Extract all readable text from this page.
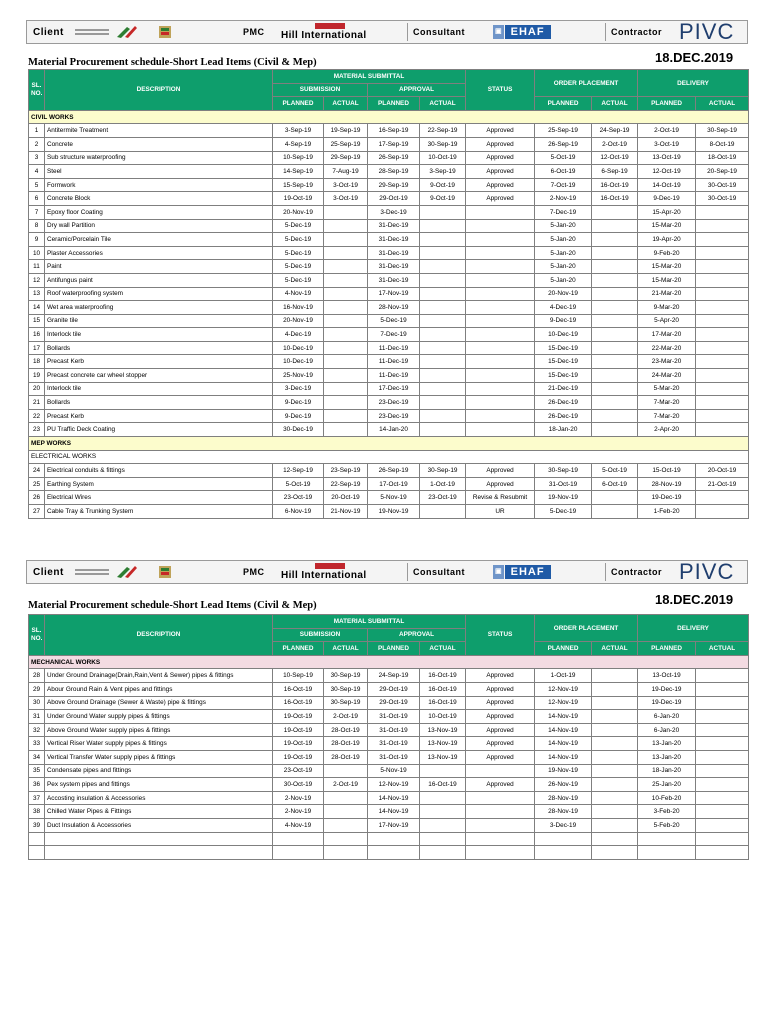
Client	PMC Hill International	Consultant	▣ EHAF	Contractor PIVC
Material Procurement schedule-Short Lead Items (Civil & Mep)	18.DEC.2019
SL. NO.	DESCRIPTION	MATERIAL SUBMITTAL				STATUS	ORDER PLACEMENT		DELIVERY	
		SUBMISSION		APPROVAL						
		PLANNED	ACTUAL	PLANNED	ACTUAL		PLANNED	ACTUAL	PLANNED	ACTUAL
CIVIL WORKS										
1	Antitermite Treatment	3-Sep-19	19-Sep-19	16-Sep-19	22-Sep-19	Approved	25-Sep-19	24-Sep-19	2-Oct-19	30-Sep-19
2	Concrete	4-Sep-19	25-Sep-19	17-Sep-19	30-Sep-19	Approved	26-Sep-19	2-Oct-19	3-Oct-19	8-Oct-19
3	Sub structure waterproofing	10-Sep-19	29-Sep-19	26-Sep-19	10-Oct-19	Approved	5-Oct-19	12-Oct-19	13-Oct-19	18-Oct-19
4	Steel	14-Sep-19	7-Aug-19	28-Sep-19	3-Sep-19	Approved	6-Oct-19	6-Sep-19	12-Oct-19	20-Sep-19
5	Formwork	15-Sep-19	3-Oct-19	29-Sep-19	9-Oct-19	Approved	7-Oct-19	16-Oct-19	14-Oct-19	30-Oct-19
6	Concrete Block	19-Oct-19	3-Oct-19	29-Oct-19	9-Oct-19	Approved	2-Nov-19	16-Oct-19	9-Dec-19	30-Oct-19
7	Epoxy floor Coating	20-Nov-19		3-Dec-19			7-Dec-19		15-Apr-20	
8	Dry wall Partition	5-Dec-19		31-Dec-19			5-Jan-20		15-Mar-20	
9	Ceramic/Porcelain Tile	5-Dec-19		31-Dec-19			5-Jan-20		19-Apr-20	
10	Plaster Accessories	5-Dec-19		31-Dec-19			5-Jan-20		9-Feb-20	
11	Paint	5-Dec-19		31-Dec-19			5-Jan-20		15-Mar-20	
12	Antifungus paint	5-Dec-19		31-Dec-19			5-Jan-20		15-Mar-20	
13	Roof waterproofing system	4-Nov-19		17-Nov-19			20-Nov-19		21-Mar-20	
14	Wet area waterproofing	16-Nov-19		28-Nov-19			4-Dec-19		9-Mar-20	
15	Granite tile	20-Nov-19		5-Dec-19			9-Dec-19		5-Apr-20	
16	Interlock tile	4-Dec-19		7-Dec-19			10-Dec-19		17-Mar-20	
17	Bollards	10-Dec-19		11-Dec-19			15-Dec-19		22-Mar-20	
18	Precast Kerb	10-Dec-19		11-Dec-19			15-Dec-19		23-Mar-20	
19	Precast concrete car wheel stopper	25-Nov-19		11-Dec-19			15-Dec-19		24-Mar-20	
20	Interlock tile	3-Dec-19		17-Dec-19			21-Dec-19		5-Mar-20	
21	Bollards	9-Dec-19		23-Dec-19			26-Dec-19		7-Mar-20	
22	Precast Kerb	9-Dec-19		23-Dec-19			26-Dec-19		7-Mar-20	
23	PU Traffic Deck Coating	30-Dec-19		14-Jan-20			18-Jan-20		2-Apr-20	
MEP WORKS										
ELECTRICAL WORKS										
24	Electrical conduits & fittings	12-Sep-19	23-Sep-19	26-Sep-19	30-Sep-19	Approved	30-Sep-19	5-Oct-19	15-Oct-19	20-Oct-19
25	Earthing System	5-Oct-19	22-Sep-19	17-Oct-19	1-Oct-19	Approved	31-Oct-19	6-Oct-19	28-Nov-19	21-Oct-19
26	Electrical Wires	23-Oct-19	20-Oct-19	5-Nov-19	23-Oct-19	Revise & Resubmit	19-Nov-19		19-Dec-19	
27	Cable Tray & Trunking System	6-Nov-19	21-Nov-19	19-Nov-19		UR	5-Dec-19		1-Feb-20	
Client	PMC Hill International	Consultant	▣ EHAF	Contractor PIVC
Material Procurement schedule-Short Lead Items (Civil & Mep)	18.DEC.2019
SL. NO.	DESCRIPTION	MATERIAL SUBMITTAL				STATUS	ORDER PLACEMENT		DELIVERY	
		SUBMISSION		APPROVAL						
		PLANNED	ACTUAL	PLANNED	ACTUAL		PLANNED	ACTUAL	PLANNED	ACTUAL
MECHANICAL WORKS										
28	Under Ground Drainage(Drain,Rain,Vent & Sewer) pipes & fittings	10-Sep-19	30-Sep-19	24-Sep-19	16-Oct-19	Approved	1-Oct-19		13-Oct-19	
29	Abour Ground Rain & Vent pipes and fittings	16-Oct-19	30-Sep-19	29-Oct-19	16-Oct-19	Approved	12-Nov-19		19-Dec-19	
30	Above Ground Drainage (Sewer & Waste) pipe & fittings	16-Oct-19	30-Sep-19	29-Oct-19	16-Oct-19	Approved	12-Nov-19		19-Dec-19	
31	Under Ground Water supply pipes & fittings	19-Oct-19	2-Oct-19	31-Oct-19	10-Oct-19	Approved	14-Nov-19		6-Jan-20	
32	Above Ground Water supply pipes & fittings	19-Oct-19	28-Oct-19	31-Oct-19	13-Nov-19	Approved	14-Nov-19		6-Jan-20	
33	Vertical Riser Water supply pipes & fittings	19-Oct-19	28-Oct-19	31-Oct-19	13-Nov-19	Approved	14-Nov-19		13-Jan-20	
34	Vertical Transfer Water supply pipes & fittings	19-Oct-19	28-Oct-19	31-Oct-19	13-Nov-19	Approved	14-Nov-19		13-Jan-20	
35	Condensate pipes and fittings	23-Oct-19		5-Nov-19			19-Nov-19		18-Jan-20	
36	Pex system pipes and fittings	30-Oct-19	2-Oct-19	12-Nov-19	16-Oct-19	Approved	26-Nov-19		25-Jan-20	
37	Accosting insulation & Accessories	2-Nov-19		14-Nov-19			28-Nov-19		10-Feb-20	
38	Chilled Water Pipes & Fittings	2-Nov-19		14-Nov-19			28-Nov-19		3-Feb-20	
39	Duct Insulation & Accessories	4-Nov-19		17-Nov-19			3-Dec-19		5-Feb-20	
